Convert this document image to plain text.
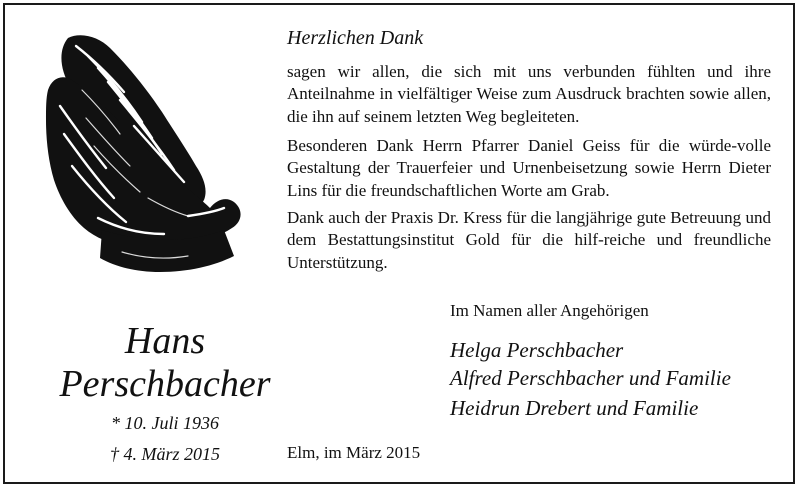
Hans
Perschbacher
* 10. Juli 1936
† 4. März 2015
Herzlichen Dank
sagen wir allen, die sich mit uns verbunden fühlten und ihre Anteilnahme in vielfältiger Weise zum Ausdruck brachten sowie allen, die ihn auf seinem letzten Weg begleiteten.
Besonderen Dank Herrn Pfarrer Daniel Geiss für die würde-volle Gestaltung der Trauerfeier und Urnenbeisetzung sowie Herrn Dieter Lins für die freundschaftlichen Worte am Grab.
Dank auch der Praxis Dr. Kress für die langjährige gute Betreuung und dem Bestattungsinstitut Gold für die hilf-reiche und freundliche Unterstützung.
Im Namen aller Angehörigen
Helga Perschbacher
Alfred Perschbacher und Familie
Heidrun Drebert und Familie
Elm, im März 2015
